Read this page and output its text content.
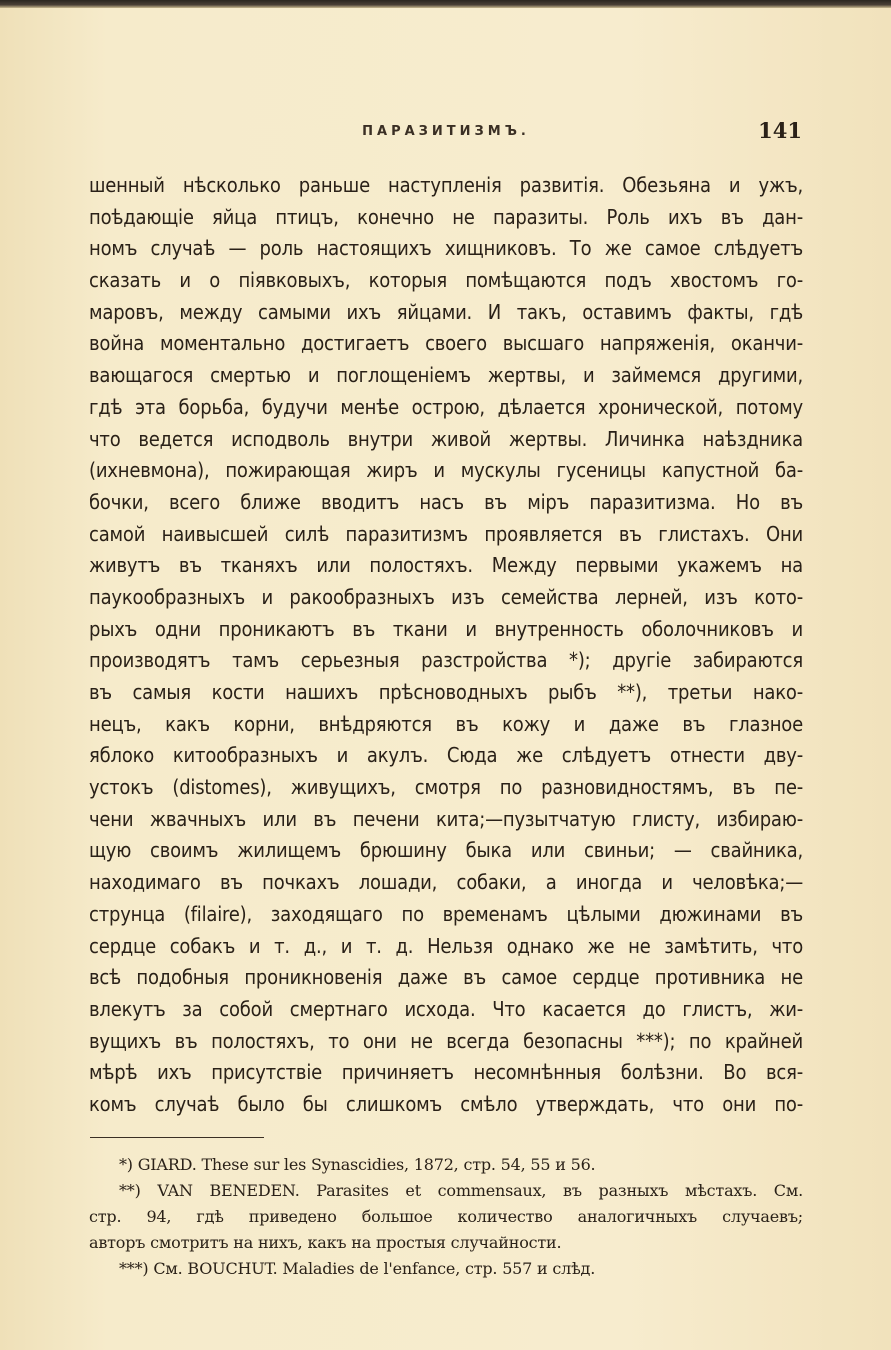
ПАРАЗИТИЗМЪ.	141
шенный нѣсколько раньше наступленія развитія. Обезьяна и ужъ,
поѣдающіе яйца птицъ, конечно не паразиты. Роль ихъ въ дан-
номъ случаѣ — роль настоящихъ хищниковъ. То же самое слѣдуетъ
сказать и о піявковыхъ, которыя помѣщаются подъ хвостомъ го-
маровъ, между самыми ихъ яйцами. И такъ, оставимъ факты, гдѣ
война моментально достигаетъ своего высшаго напряженія, оканчи-
вающагося смертью и поглощеніемъ жертвы, и займемся другими,
гдѣ эта борьба, будучи менѣе острою, дѣлается хронической, потому
что ведется исподволь внутри живой жертвы. Личинка наѣздника
(ихневмона), пожирающая жиръ и мускулы гусеницы капустной ба-
бочки, всего ближе вводитъ насъ въ міръ паразитизма. Но въ
самой наивысшей силѣ паразитизмъ проявляется въ глистахъ. Они
живутъ въ тканяхъ или полостяхъ. Между первыми укажемъ на
паукообразныхъ и ракообразныхъ изъ семейства лерней, изъ кото-
рыхъ одни проникаютъ въ ткани и внутренность оболочниковъ и
производятъ тамъ серьезныя разстройства *); другіе забираются
въ самыя кости нашихъ прѣсноводныхъ рыбъ **), третьи нако-
нецъ, какъ корни, внѣдряются въ кожу и даже въ глазное
яблоко китообразныхъ и акулъ. Сюда же слѣдуетъ отнести дву-
устокъ (distomes), живущихъ, смотря по разновидностямъ, въ пе-
чени жвачныхъ или въ печени кита;—пузытчатую глисту, избираю-
щую своимъ жилищемъ брюшину быка или свиньи; — свайника,
находимаго въ почкахъ лошади, собаки, а иногда и человѣка;—
струнца (filaire), заходящаго по временамъ цѣлыми дюжинами въ
сердце собакъ и т. д., и т. д. Нельзя однако же не замѣтить, что
всѣ подобныя проникновенія даже въ самое сердце противника не
влекутъ за собой смертнаго исхода. Что касается до глистъ, жи-
вущихъ въ полостяхъ, то они не всегда безопасны ***); по крайней
мѣрѣ ихъ присутствіе причиняетъ несомнѣнныя болѣзни. Во вся-
комъ случаѣ было бы слишкомъ смѣло утверждать, что они по-
*) GIARD. These sur les Synascidies, 1872, стр. 54, 55 и 56.
**) VAN BENEDEN. Parasites et commensaux, въ разныхъ мѣстахъ. См.
стр. 94, гдѣ приведено большое количество аналогичныхъ случаевъ;
авторъ смотритъ на нихъ, какъ на простыя случайности.
***) См. BOUCHUT. Maladies de l'enfance, стр. 557 и слѣд.
